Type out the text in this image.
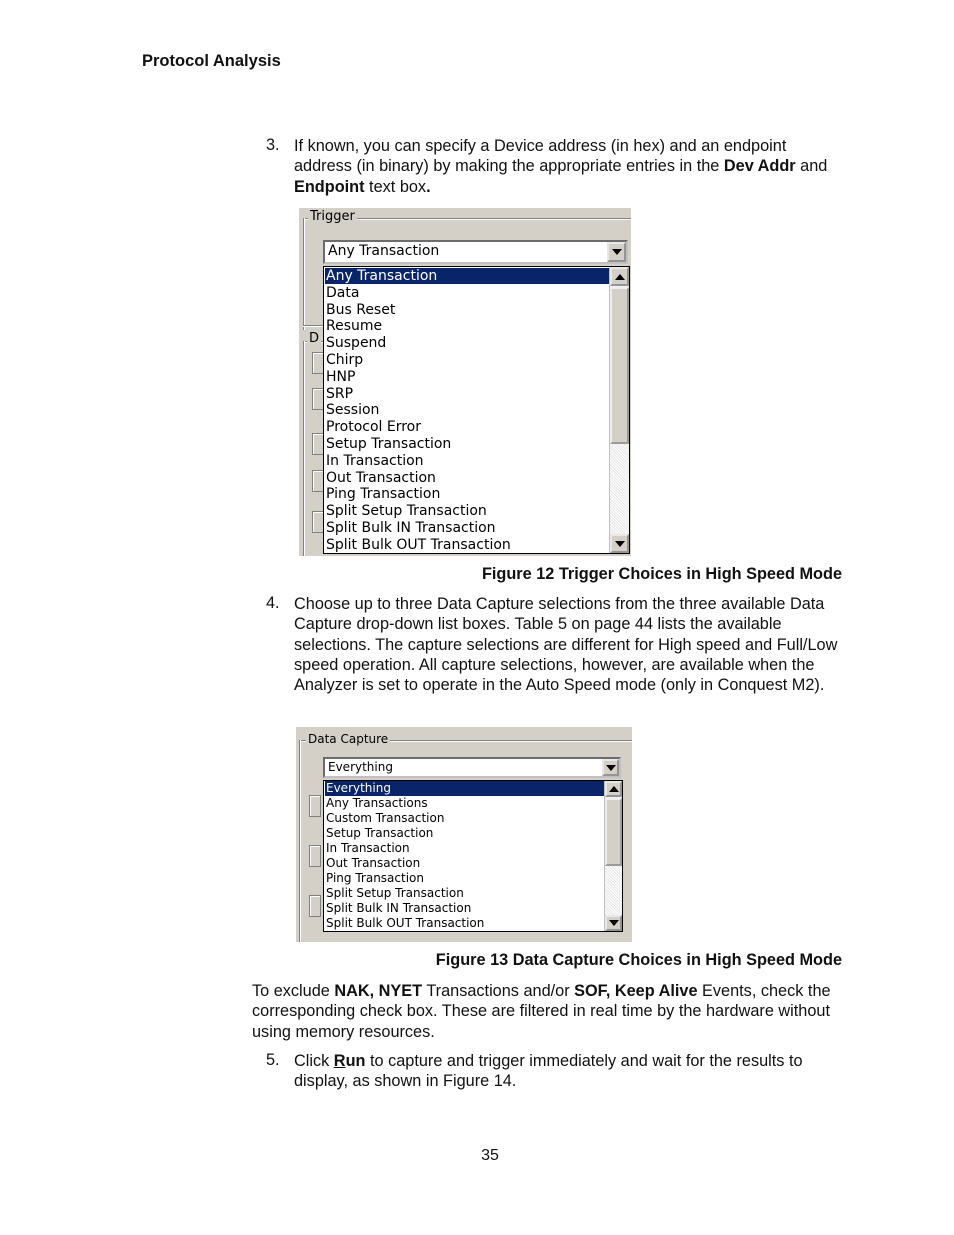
Protocol Analysis
3. If known, you can specify a Device address (in hex) and an endpoint address (in binary) by making the appropriate entries in the Dev Addr and Endpoint text box.
Trigger
D
Any Transaction
Split Bulk OUT Transaction
Split Bulk IN Transaction
Split Setup Transaction
Ping Transaction
Out Transaction
In Transaction
Setup Transaction
Protocol Error
Session
SRP
HNP
Chirp
Suspend
Resume
Bus Reset
Data
Any Transaction
Figure 12 Trigger Choices in High Speed Mode
4. Choose up to three Data Capture selections from the three available Data Capture drop-down list boxes. Table 5 on page 44 lists the available selections. The capture selections are different for High speed and Full/Low speed operation. All capture selections, however, are available when the Analyzer is set to operate in the Auto Speed mode (only in Conquest M2).
Data Capture
Everything
Split Bulk OUT Transaction
Split Bulk IN Transaction
Split Setup Transaction
Ping Transaction
Out Transaction
In Transaction
Setup Transaction
Custom Transaction
Any Transactions
Everything
Figure 13 Data Capture Choices in High Speed Mode
To exclude NAK, NYET Transactions and/or SOF, Keep Alive Events, check the corresponding check box. These are filtered in real time by the hardware without using memory resources.
5. Click Run to capture and trigger immediately and wait for the results to display, as shown in Figure 14.
35
